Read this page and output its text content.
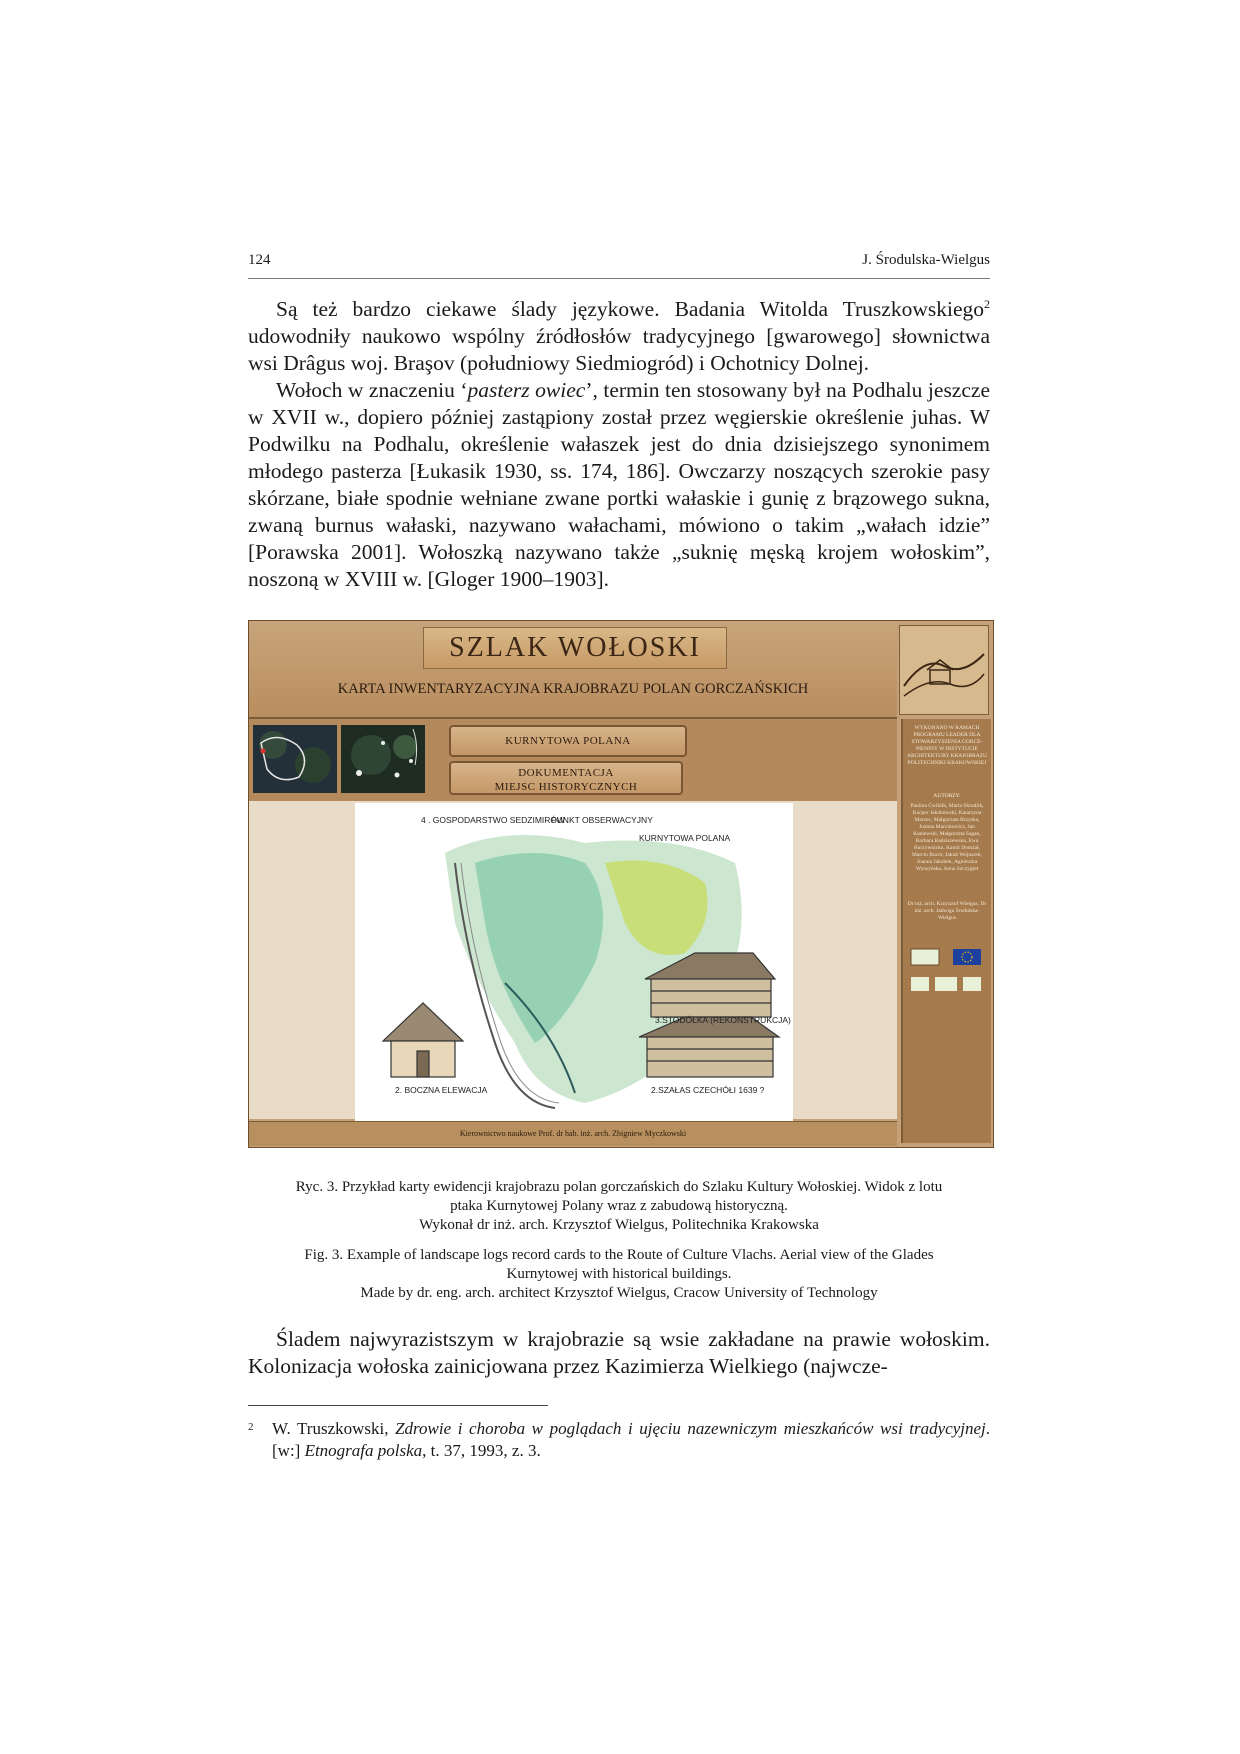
124	J. Środulska-Wielgus

Są też bardzo ciekawe ślady językowe. Badania Witolda Truszkowskiego$^2$ udowodniły naukowo wspólny źródłosłów tradycyjnego [gwarowego] słownictwa wsi Drâgus woj. Braşov (południowy Siedmiogród) i Ochotnicy Dolnej.

Wołoch w znaczeniu ‘pasterz owiec’, termin ten stosowany był na Podhalu jeszcze w XVII w., dopiero później zastąpiony został przez węgierskie określenie juhas. W Podwilku na Podhalu, określenie wałaszek jest do dnia dzisiejszego synonimem młodego pasterza [Łukasik 1930, ss. 174, 186]. Owczarzy noszących szerokie pasy skórzane, białe spodnie wełniane zwane portki wałaskie i gunię z brązowego sukna, zwaną burnus wałaski, nazywano wałachami, mówiono o takim „wałach idzie” [Porawska 2001]. Wołoszką nazywano także „suknię męską krojem wołoskim”, noszoną w XVIII w. [Gloger 1900–1903].

SZLAK WOŁOSKI
KARTA INWENTARYZACYJNA KRAJOBRAZU POLAN GORCZAŃSKICH
KURNYTOWA POLANA
DOKUMENTACJA
MIEJSC HISTORYCZNYCH
4 . GOSPODARSTWO SEDZIMIRÓW
PUNKT OBSERWACYJNY
KURNYTOWA POLANA
3.STODÓŁKA (REKONSTRUKCJA)
2. BOCZNA ELEWACJA	2.SZAŁAS CZECHÓŁI 1639 ?
WYKONANO W RAMACH PROGRAMU LEADER DLA STOWARZYSZENIA GORCE-PIENINY W INSTYTUCIE ARCHITEKTURY KRAJOBRAZU POLITECHNIKI KRAKOWSKIEJ
AUTORZY:
Paulina Ćwiklik, Marta Skrudlik, Kacper Jakubowski, Katarzyna Marzec, Małgorzata Brzyska, Joanna Marcinowicz, Jan Kaniewski, Małgorzata Sagan, Barbara Radziszewska, Ewa Burzywnicka, Kamil Domżał, Marcin Bucór, Jakub Wojnarek, Joanna Jakubek, Agnieszka Wyszyńska, Anna Szczygieł
Dr inż. arch. Krzysztof Wielgus, Dr inż. arch. Jadwiga Środulska-Wielgus
Kierownictwo naukowe Prof. dr hab. inż. arch. Zbigniew Myczkowski
Ryc. 3. Przykład karty ewidencji krajobrazu polan gorczańskich do Szlaku Kultury Wołoskiej. Widok z lotu
ptaka Kurnytowej Polany wraz z zabudową historyczną.
Wykonał dr inż. arch. Krzysztof Wielgus, Politechnika Krakowska
Fig. 3. Example of landscape logs record cards to the Route of Culture Vlachs. Aerial view of the Glades
Kurnytowej with historical buildings.
Made by dr. eng. arch. architect Krzysztof Wielgus, Cracow University of Technology

Śladem najwyrazistszym w krajobrazie są wsie zakładane na prawie wołoskim. Kolonizacja wołoska zainicjowana przez Kazimierza Wielkiego (najwcze-

2	W. Truszkowski, Zdrowie i choroba w poglądach i ujęciu nazewniczym mieszkańców wsi tradycyjnej. [w:] Etnografa polska, t. 37, 1993, z. 3.
